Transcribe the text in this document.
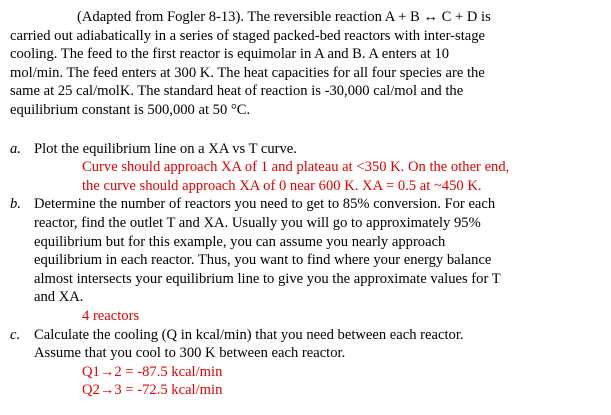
(Adapted from Fogler 8-13). The reversible reaction A + B ↔ C + D is
carried out adiabatically in a series of staged packed-bed reactors with inter-stage
cooling. The feed to the first reactor is equimolar in A and B. A enters at 10
mol/min. The feed enters at 300 K. The heat capacities for all four species are the
same at 25 cal/molK. The standard heat of reaction is -30,000 cal/mol and the
equilibrium constant is 500,000 at 50 °C.
a. Plot the equilibrium line on a XA vs T curve.
Curve should approach XA of 1 and plateau at <350 K. On the other end,
the curve should approach XA of 0 near 600 K. XA = 0.5 at ~450 K.
b. Determine the number of reactors you need to get to 85% conversion. For each
reactor, find the outlet T and XA. Usually you will go to approximately 95%
equilibrium but for this example, you can assume you nearly approach
equilibrium in each reactor. Thus, you want to find where your energy balance
almost intersects your equilibrium line to give you the approximate values for T
and XA.
4 reactors
c. Calculate the cooling (Q in kcal/min) that you need between each reactor.
Assume that you cool to 300 K between each reactor.
Q1→2 = -87.5 kcal/min
Q2→3 = -72.5 kcal/min
